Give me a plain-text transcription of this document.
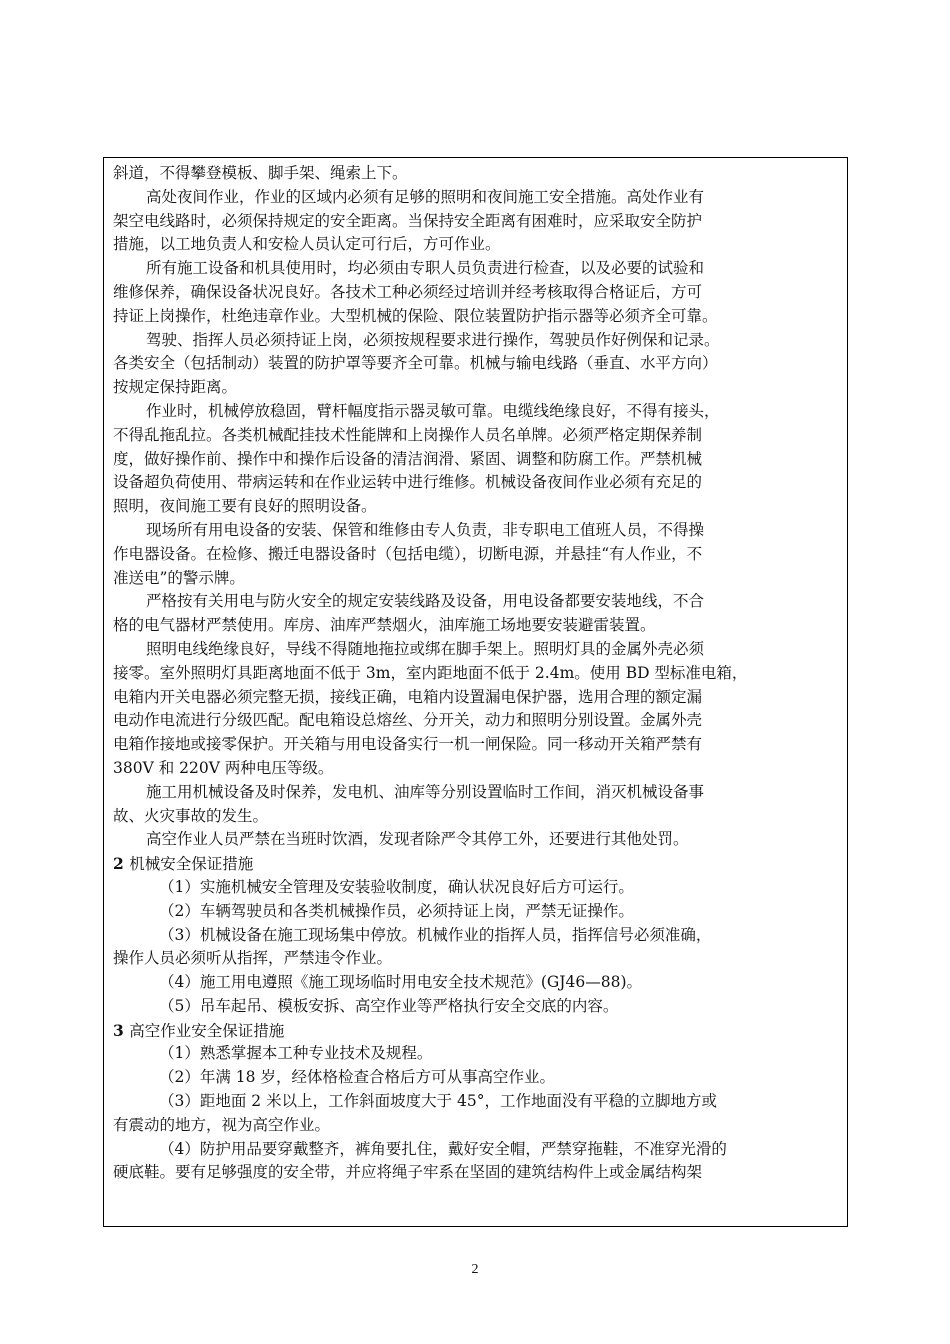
斜道，不得攀登模板、脚手架、绳索上下。
高处夜间作业，作业的区域内必须有足够的照明和夜间施工安全措施。高处作业有
架空电线路时，必须保持规定的安全距离。当保持安全距离有困难时，应采取安全防护
措施，以工地负责人和安检人员认定可行后，方可作业。
所有施工设备和机具使用时，均必须由专职人员负责进行检查，以及必要的试验和
维修保养，确保设备状况良好。各技术工种必须经过培训并经考核取得合格证后，方可
持证上岗操作，杜绝违章作业。大型机械的保险、限位装置防护指示器等必须齐全可靠。
驾驶、指挥人员必须持证上岗，必须按规程要求进行操作，驾驶员作好例保和记录。
各类安全（包括制动）装置的防护罩等要齐全可靠。机械与输电线路（垂直、水平方向）
按规定保持距离。
作业时，机械停放稳固，臂杆幅度指示器灵敏可靠。电缆线绝缘良好，不得有接头，
不得乱拖乱拉。各类机械配挂技术性能牌和上岗操作人员名单牌。必须严格定期保养制
度，做好操作前、操作中和操作后设备的清洁润滑、紧固、调整和防腐工作。严禁机械
设备超负荷使用、带病运转和在作业运转中进行维修。机械设备夜间作业必须有充足的
照明，夜间施工要有良好的照明设备。
现场所有用电设备的安装、保管和维修由专人负责，非专职电工值班人员，不得操
作电器设备。在检修、搬迁电器设备时（包括电缆），切断电源，并悬挂“有人作业，不
准送电”的警示牌。
严格按有关用电与防火安全的规定安装线路及设备，用电设备都要安装地线，不合
格的电气器材严禁使用。库房、油库严禁烟火，油库施工场地要安装避雷装置。
照明电线绝缘良好，导线不得随地拖拉或绑在脚手架上。照明灯具的金属外壳必须
接零。室外照明灯具距离地面不低于 3m，室内距地面不低于 2.4m。使用 BD 型标准电箱，
电箱内开关电器必须完整无损，接线正确，电箱内设置漏电保护器，选用合理的额定漏
电动作电流进行分级匹配。配电箱设总熔丝、分开关，动力和照明分别设置。金属外壳
电箱作接地或接零保护。开关箱与用电设备实行一机一闸保险。同一移动开关箱严禁有
380V 和 220V 两种电压等级。
施工用机械设备及时保养，发电机、油库等分别设置临时工作间，消灭机械设备事
故、火灾事故的发生。
高空作业人员严禁在当班时饮酒，发现者除严令其停工外，还要进行其他处罚。
2 机械安全保证措施
（1）实施机械安全管理及安装验收制度，确认状况良好后方可运行。
（2）车辆驾驶员和各类机械操作员，必须持证上岗，严禁无证操作。
（3）机械设备在施工现场集中停放。机械作业的指挥人员，指挥信号必须准确，
操作人员必须听从指挥，严禁违令作业。
（4）施工用电遵照《施工现场临时用电安全技术规范》(GJ46—88)。
（5）吊车起吊、模板安拆、高空作业等严格执行安全交底的内容。
3 高空作业安全保证措施
（1）熟悉掌握本工种专业技术及规程。
（2）年满 18 岁，经体格检查合格后方可从事高空作业。
（3）距地面 2 米以上，工作斜面坡度大于 45°，工作地面没有平稳的立脚地方或
有震动的地方，视为高空作业。
（4）防护用品要穿戴整齐，裤角要扎住，戴好安全帽，严禁穿拖鞋，不准穿光滑的
硬底鞋。要有足够强度的安全带，并应将绳子牢系在坚固的建筑结构件上或金属结构架
2
